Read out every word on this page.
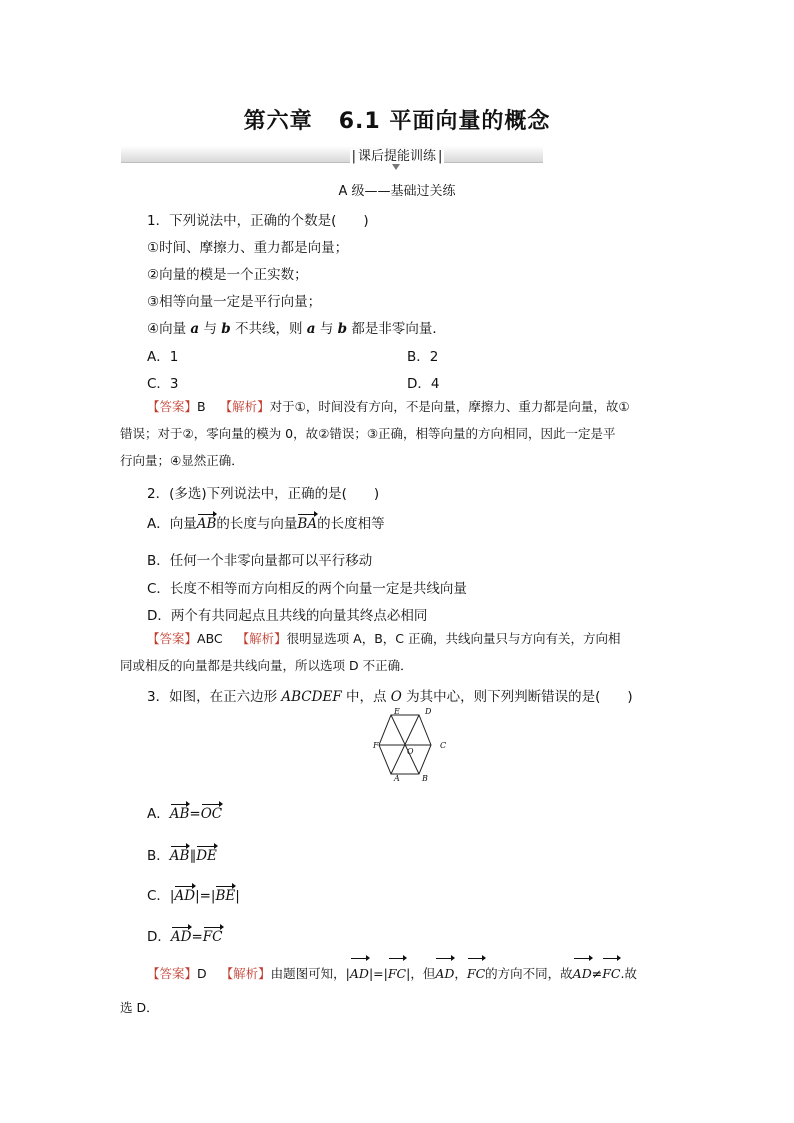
第六章 6.1 平面向量的概念
| 课后提能训练 |
A 级——基础过关练
1．下列说法中，正确的个数是(　　)
①时间、摩擦力、重力都是向量；
②向量的模是一个正实数；
③相等向量一定是平行向量；
④向量 a 与 b 不共线，则 a 与 b 都是非零向量．
A．1	B．2
C．3	D．4
【答案】B 【解析】对于①，时间没有方向，不是向量，摩擦力、重力都是向量，故①
错误；对于②，零向量的模为 0，故②错误；③正确，相等向量的方向相同，因此一定是平
行向量；④显然正确．
2．(多选)下列说法中，正确的是(　　)
A．向量AB的长度与向量BA的长度相等
B．任何一个非零向量都可以平行移动
C．长度不相等而方向相反的两个向量一定是共线向量
D．两个有共同起点且共线的向量其终点必相同
【答案】ABC 【解析】很明显选项 A，B，C 正确，共线向量只与方向有关，方向相
同或相反的向量都是共线向量，所以选项 D 不正确．
3．如图，在正六边形 ABCDEF 中，点 O 为其中心，则下列判断错误的是(　　)
E	D
F	C
O
A	B
A．AB=OC
B．AB∥DE
C．|AD|=|BE|
D．AD=FC
【答案】D 【解析】由题图可知，|AD|=|FC|，但AD，FC的方向不同，故AD≠FC.故
选 D．
